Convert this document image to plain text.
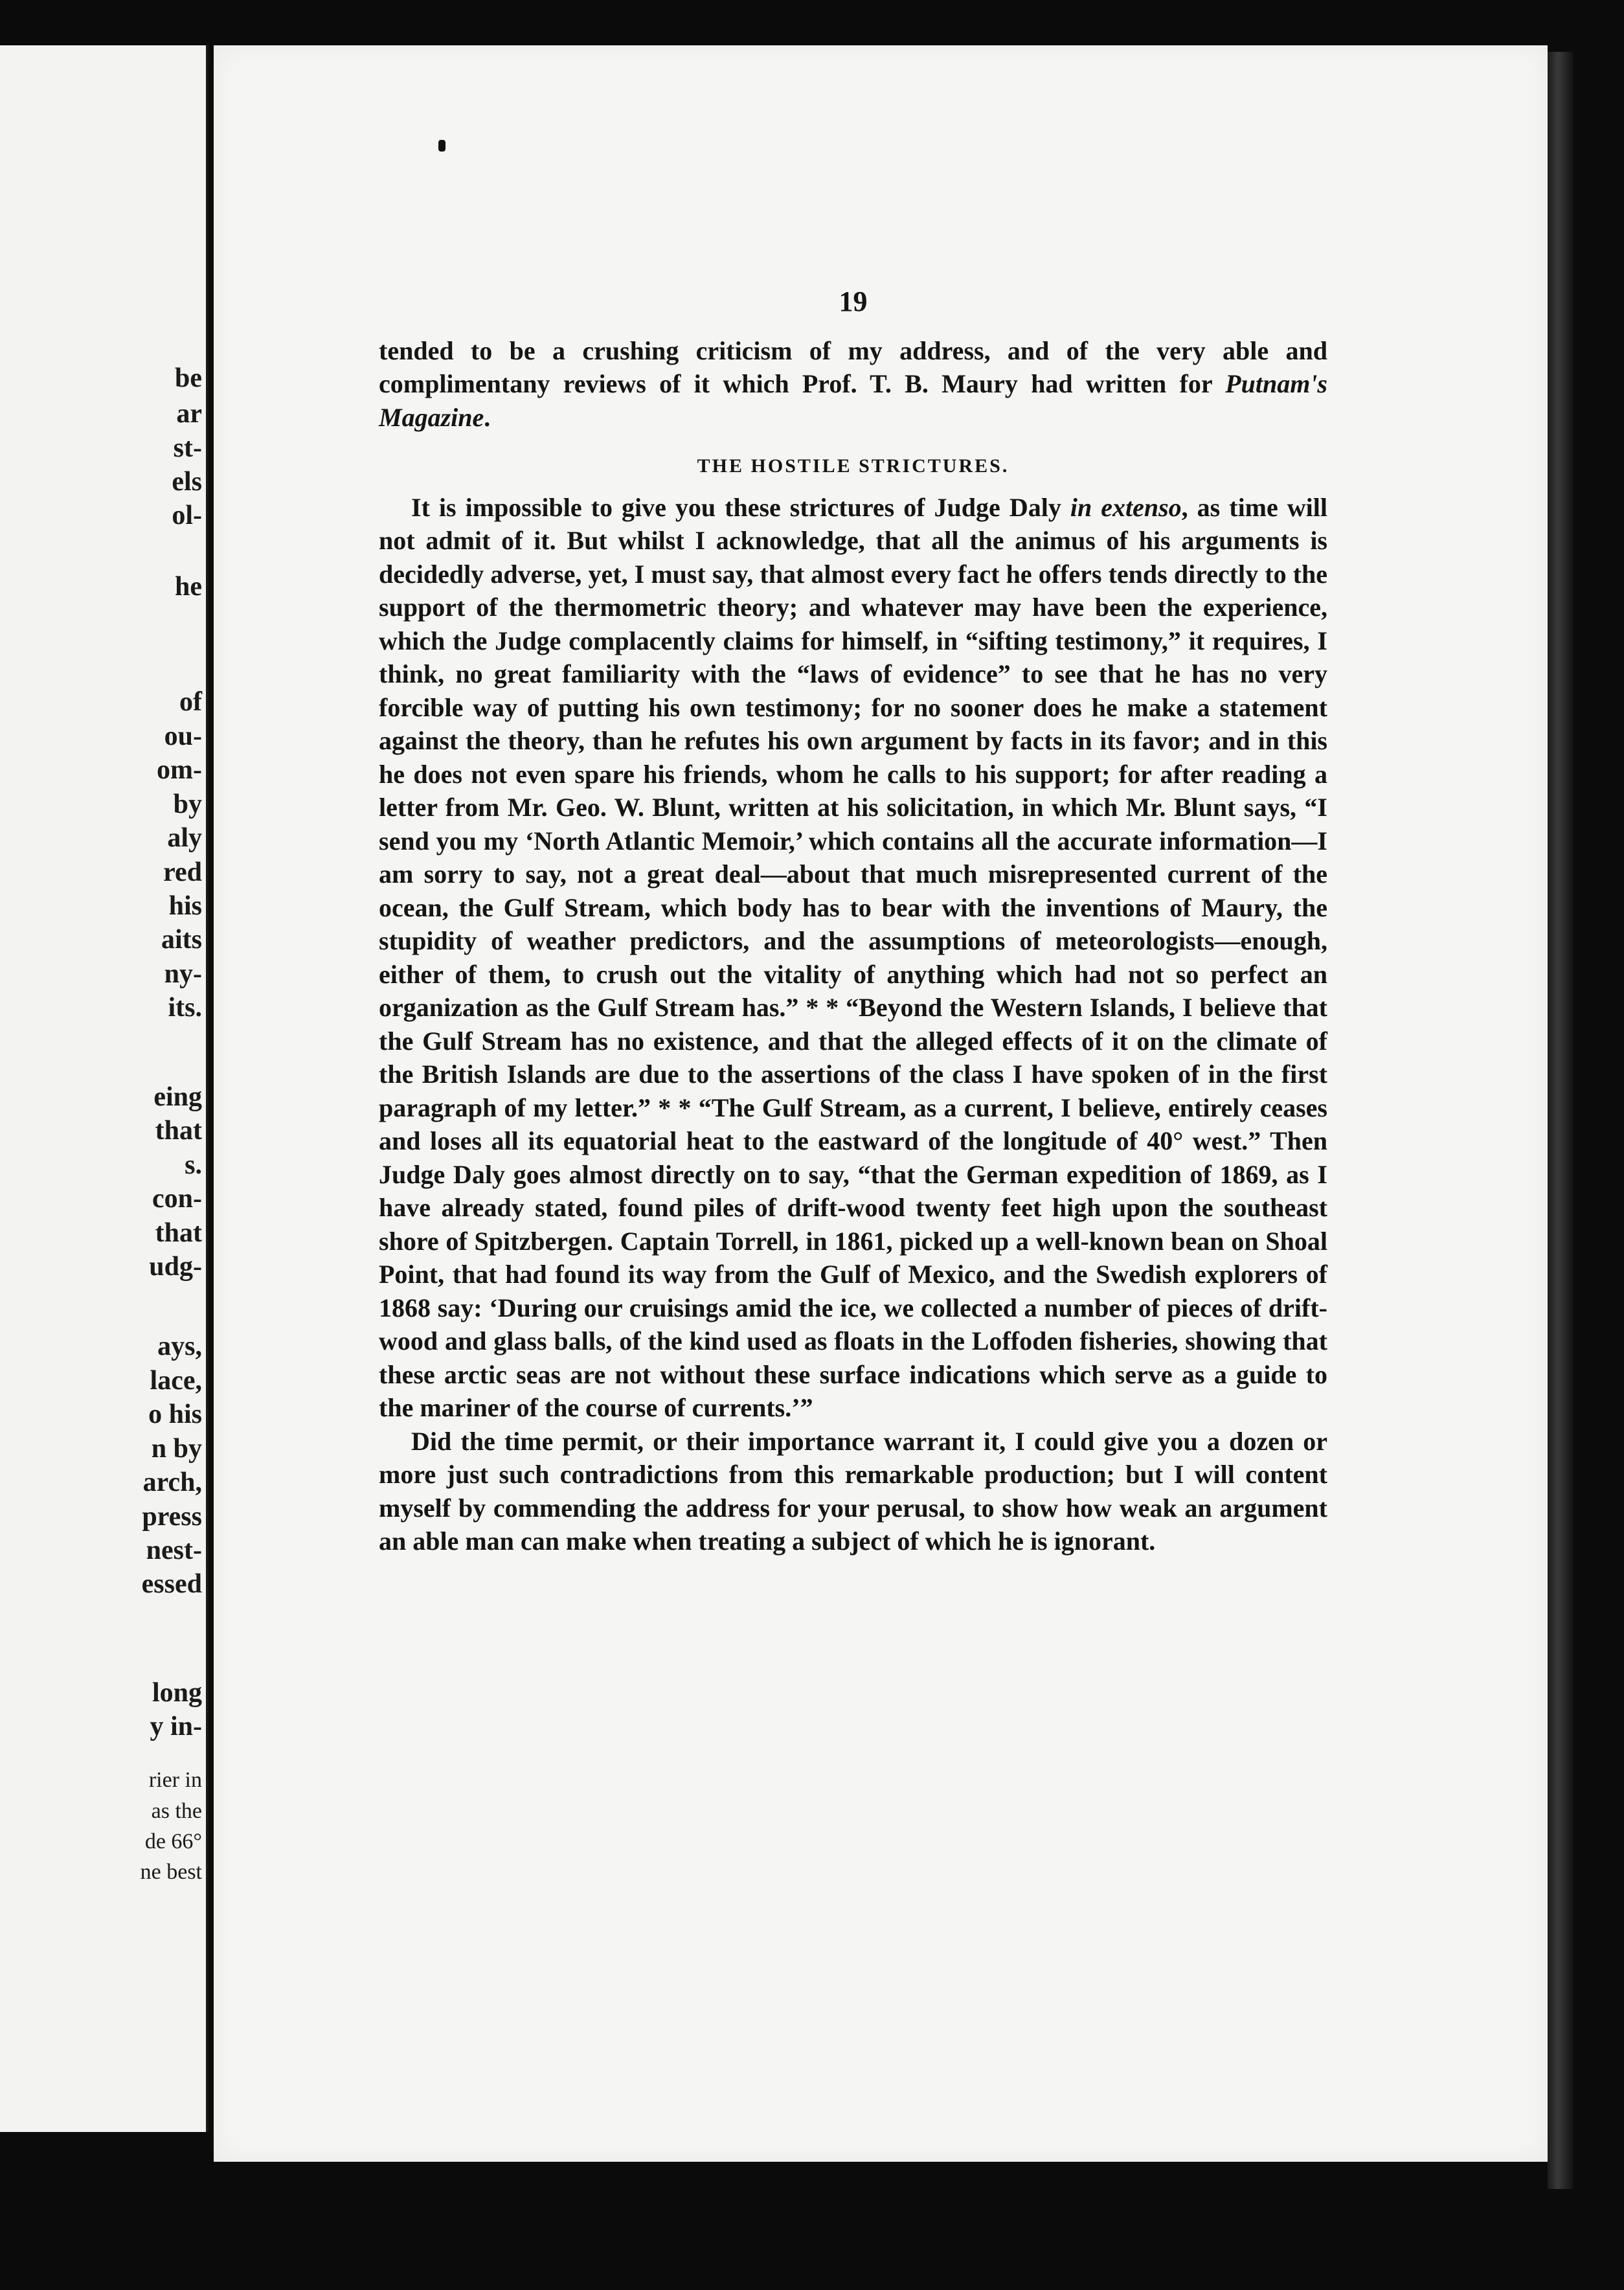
be
ar
st-
els
ol-
he
of
ou-
om-
by
aly
red
his
aits
ny-
its.
eing
that
s.
con-
that
udg-
ays,
lace,
o his
n by
arch,
press
nest-
essed
long
y in-
rier in
as the
de 66°
ne best
19

tended to be a crushing criticism of my address, and of the very able and complimentany reviews of it which Prof. T. B. Maury had written for Putnam's Magazine.

THE HOSTILE STRICTURES.

It is impossible to give you these strictures of Judge Daly in extenso, as time will not admit of it. But whilst I acknowledge, that all the animus of his arguments is decidedly adverse, yet, I must say, that almost every fact he offers tends directly to the support of the thermometric theory; and whatever may have been the experience, which the Judge complacently claims for himself, in “sifting testimony,” it requires, I think, no great familiarity with the “laws of evidence” to see that he has no very forcible way of putting his own testimony; for no sooner does he make a statement against the theory, than he refutes his own argument by facts in its favor; and in this he does not even spare his friends, whom he calls to his support; for after reading a letter from Mr. Geo. W. Blunt, written at his solicitation, in which Mr. Blunt says, “I send you my ‘North Atlantic Memoir,’ which contains all the accurate information—I am sorry to say, not a great deal—about that much misrepresented current of the ocean, the Gulf Stream, which body has to bear with the inventions of Maury, the stupidity of weather predictors, and the assumptions of meteorologists—enough, either of them, to crush out the vitality of anything which had not so perfect an organization as the Gulf Stream has.” * * “Beyond the Western Islands, I believe that the Gulf Stream has no existence, and that the alleged effects of it on the climate of the British Islands are due to the assertions of the class I have spoken of in the first paragraph of my letter.” * * “The Gulf Stream, as a current, I believe, entirely ceases and loses all its equatorial heat to the eastward of the longitude of 40° west.” Then Judge Daly goes almost directly on to say, “that the German expedition of 1869, as I have already stated, found piles of drift-wood twenty feet high upon the southeast shore of Spitzbergen. Captain Torrell, in 1861, picked up a well-known bean on Shoal Point, that had found its way from the Gulf of Mexico, and the Swedish explorers of 1868 say: ‘During our cruisings amid the ice, we collected a number of pieces of drift-wood and glass balls, of the kind used as floats in the Loffoden fisheries, showing that these arctic seas are not without these surface indications which serve as a guide to the mariner of the course of currents.’”

Did the time permit, or their importance warrant it, I could give you a dozen or more just such contradictions from this remarkable production; but I will content myself by commending the address for your perusal, to show how weak an argument an able man can make when treating a subject of which he is ignorant.
